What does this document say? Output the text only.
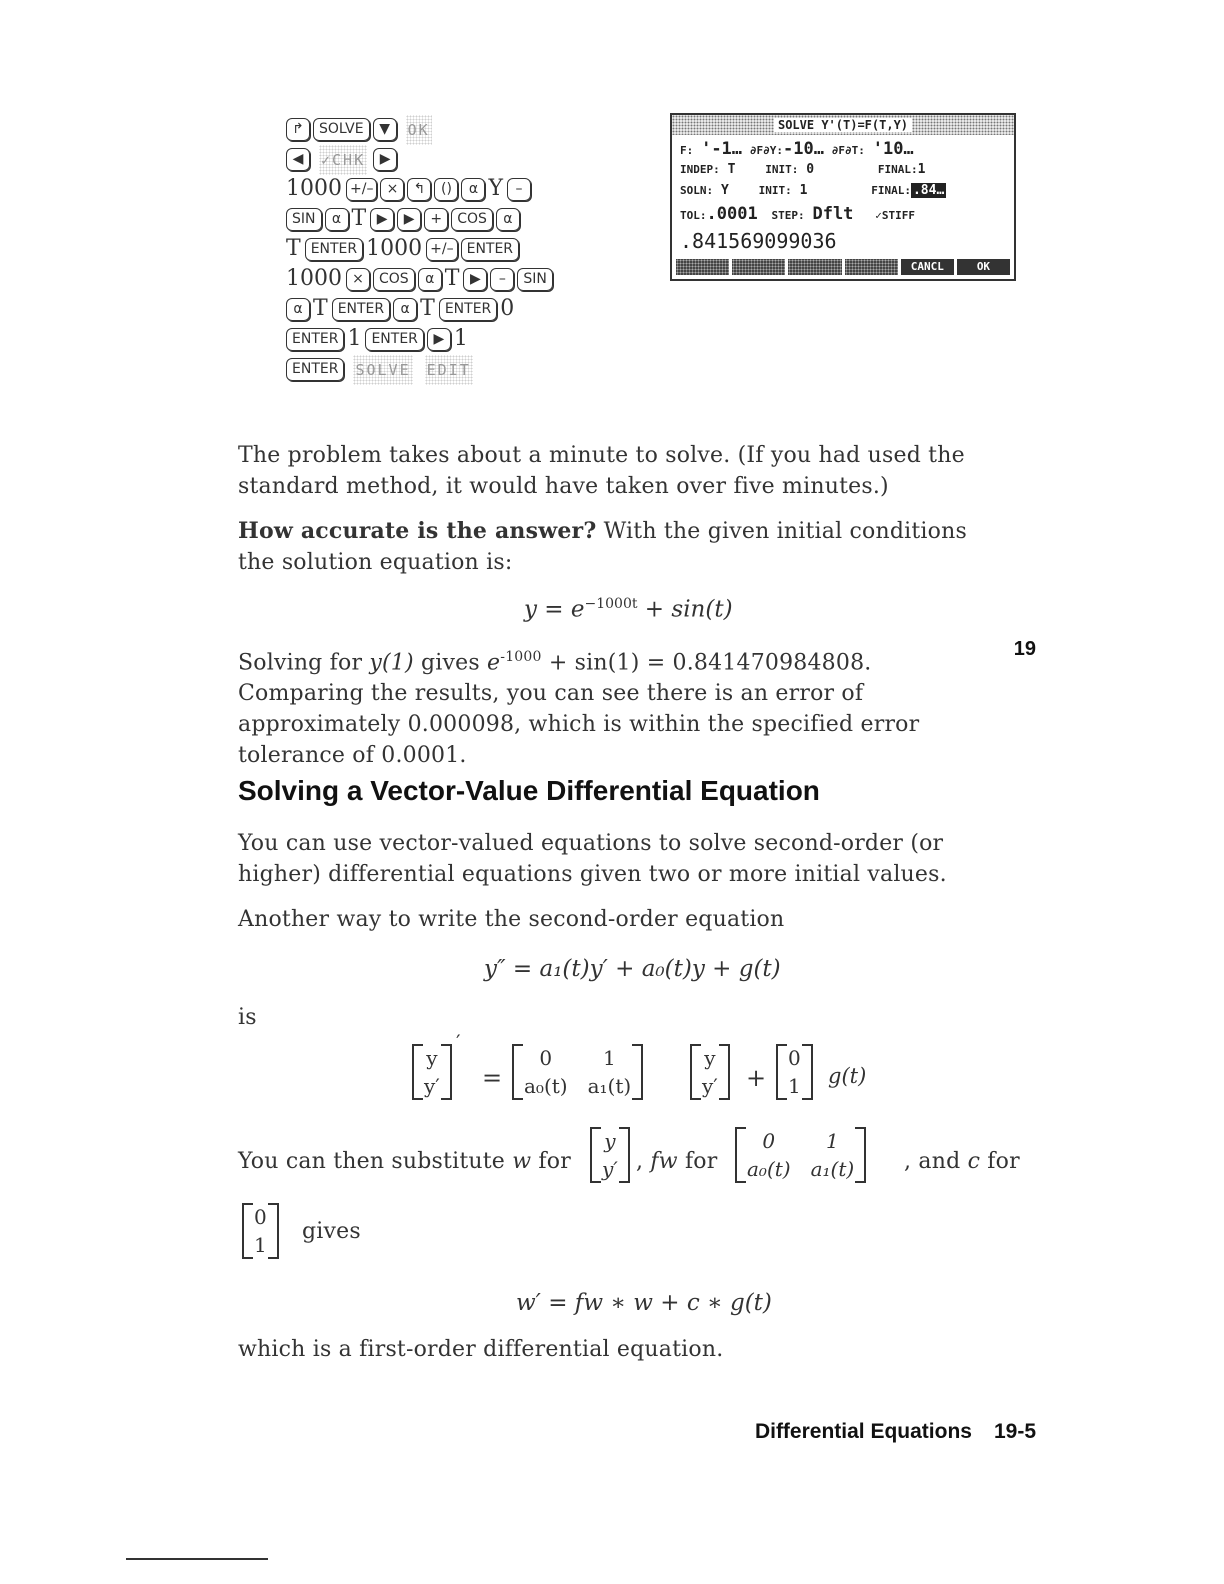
↱ SOLVE ▼ OK
◀ ✓CHK ▶
1000 +/– × ↰ () α Y –
SIN α T ▶ ▶ + COS α
T ENTER 1000 +/– ENTER
1000 × COS α T ▶ – SIN
α T ENTER α T ENTER 0
ENTER 1 ENTER ▶ 1
ENTER SOLVE EDIT
SOLVE Y'(T)=F(T,Y)
F: '-1… ∂F∂Y:-10… ∂F∂T: '10…
INDEP: T	INIT: 0	FINAL:1
SOLN: Y	INIT: 1	FINAL: .84…
TOL:.0001 STEP: Dflt ✓STIFF
.841569099036
CANCL	OK

The problem takes about a minute to solve. (If you had used the standard method, it would have taken over five minutes.)

How accurate is the answer? With the given initial conditions the solution equation is:

$y = e^{-1000t} + \sin(t)$

Solving for y(1) gives $e^{-1000} + \sin(1) = 0.841470984808$. Comparing the results, you can see there is an error of approximately 0.000098, which is within the specified error tolerance of 0.0001.

19
Solving a Vector-Value Differential Equation

You can use vector-valued equations to solve second-order (or higher) differential equations given two or more initial values.

Another way to write the second-order equation

y″ = a₁(t)y′ + a₀(t)y + g(t)
is
y
y′
′
=
0	1
a₀(t)	a₁(t)
y
y′ +
0
1 g(t)
You can then substitute w for
y
y′ , fw for
0	1
a₀(t)	a₁(t) , and c for
0
1
gives
w′ = fw ∗ w + c ∗ g(t)

which is a first-order differential equation.

Differential Equations 19-5
